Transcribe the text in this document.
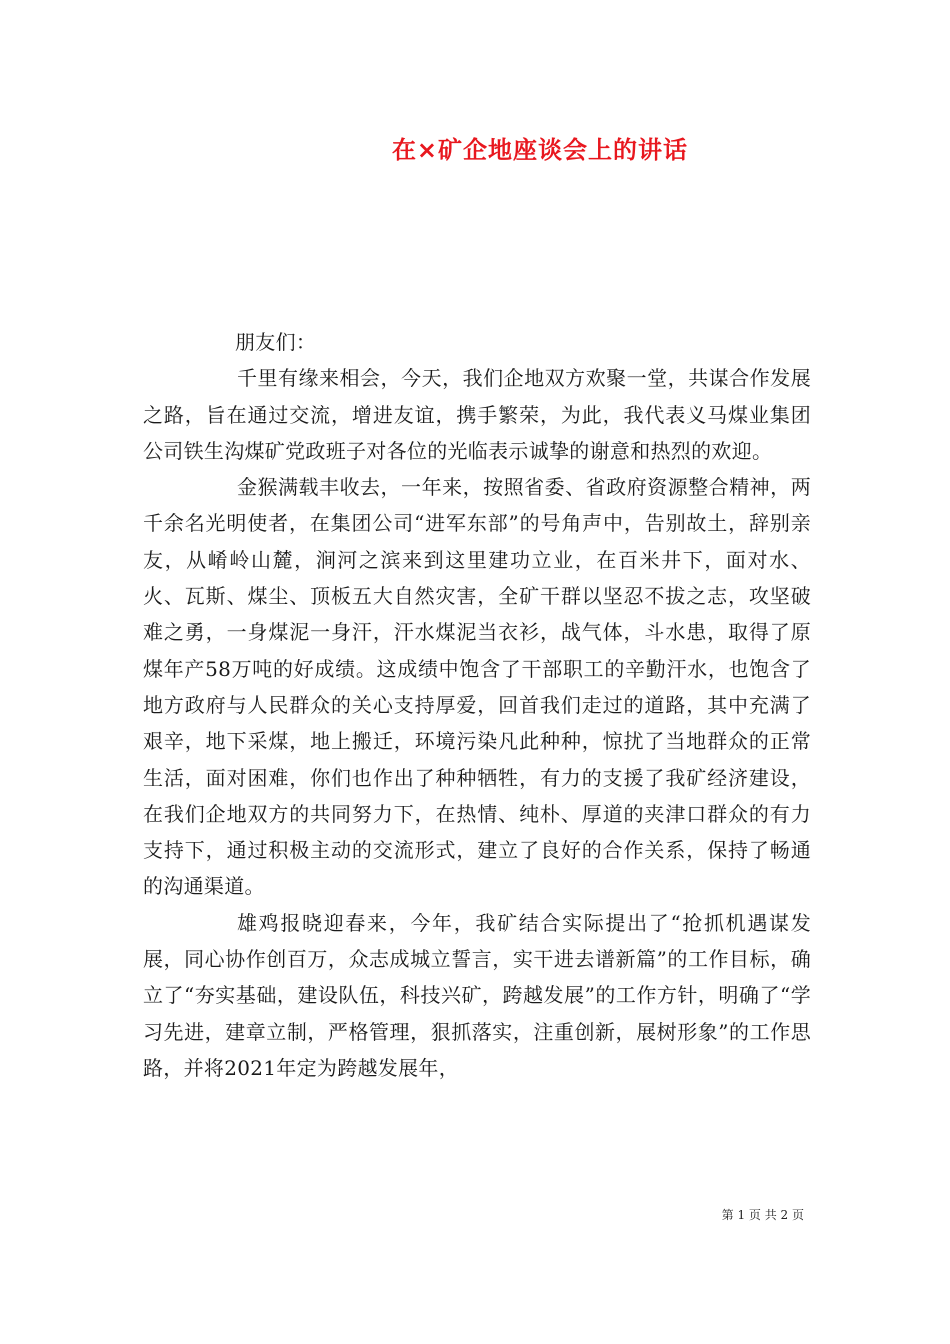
在×矿企地座谈会上的讲话

朋友们：

千里有缘来相会，今天，我们企地双方欢聚一堂，共谋合作发展之路，旨在通过交流，增进友谊，携手繁荣，为此，我代表义马煤业集团公司铁生沟煤矿党政班子对各位的光临表示诚挚的谢意和热烈的欢迎。

金猴满载丰收去，一年来，按照省委、省政府资源整合精神，两千余名光明使者，在集团公司“进军东部”的号角声中，告别故土，辞别亲友，从崤岭山麓，涧河之滨来到这里建功立业，在百米井下，面对水、火、瓦斯、煤尘、顶板五大自然灾害，全矿干群以坚忍不拔之志，攻坚破难之勇，一身煤泥一身汗，汗水煤泥当衣衫，战气体，斗水患，取得了原煤年产58万吨的好成绩。这成绩中饱含了干部职工的辛勤汗水，也饱含了地方政府与人民群众的关心支持厚爱，回首我们走过的道路，其中充满了艰辛，地下采煤，地上搬迁，环境污染凡此种种，惊扰了当地群众的正常生活，面对困难，你们也作出了种种牺牲，有力的支援了我矿经济建设，在我们企地双方的共同努力下，在热情、纯朴、厚道的夹津口群众的有力支持下，通过积极主动的交流形式，建立了良好的合作关系，保持了畅通的沟通渠道。

雄鸡报晓迎春来，今年，我矿结合实际提出了“抢抓机遇谋发展，同心协作创百万，众志成城立誓言，实干进去谱新篇”的工作目标，确立了“夯实基础，建设队伍，科技兴矿，跨越发展”的工作方针，明确了“学习先进，建章立制，严格管理，狠抓落实，注重创新，展树形象”的工作思路，并将2021年定为跨越发展年，

第 1 页 共 2 页
